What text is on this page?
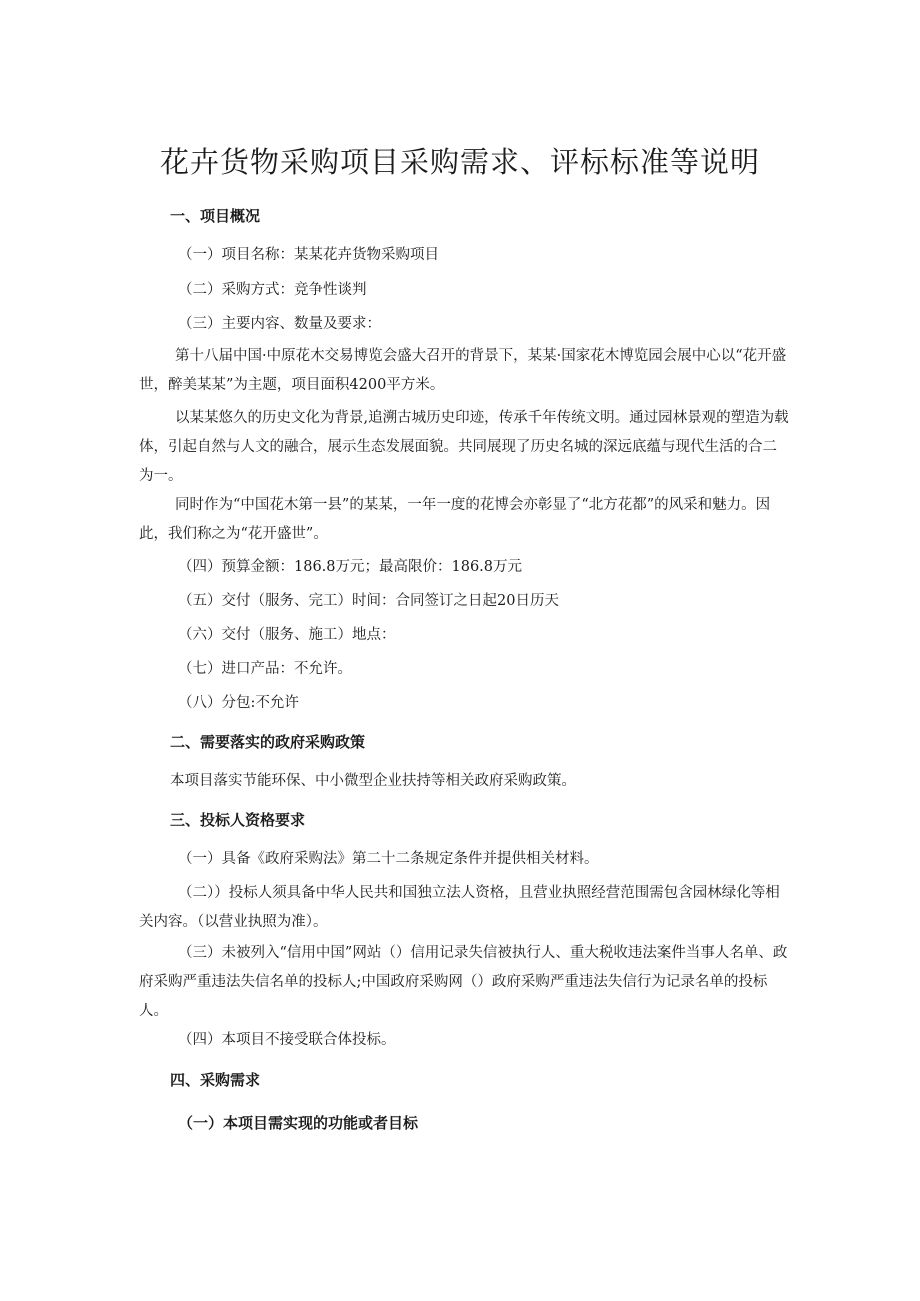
花卉货物采购项目采购需求、评标标准等说明
一、项目概况
（一）项目名称：某某花卉货物采购项目
（二）采购方式：竞争性谈判
（三）主要内容、数量及要求：

第十八届中国·中原花木交易博览会盛大召开的背景下，某某·国家花木博览园会展中心以“花开盛世，醉美某某”为主题，项目面积4200平方米。

以某某悠久的历史文化为背景,追溯古城历史印迹，传承千年传统文明。通过园林景观的塑造为载体，引起自然与人文的融合，展示生态发展面貌。共同展现了历史名城的深远底蕴与现代生活的合二为一。

同时作为“中国花木第一县”的某某，一年一度的花博会亦彰显了“北方花都”的风采和魅力。因此，我们称之为“花开盛世”。

（四）预算金额：186.8万元；最高限价：186.8万元
（五）交付（服务、完工）时间：合同签订之日起20日历天
（六）交付（服务、施工）地点：
（七）进口产品：不允许。
（八）分包:不允许
二、需要落实的政府采购政策
本项目落实节能环保、中小微型企业扶持等相关政府采购政策。
三、投标人资格要求
（一）具备《政府采购法》第二十二条规定条件并提供相关材料。

（二））投标人须具备中华人民共和国独立法人资格，且营业执照经营范围需包含园林绿化等相关内容。（以营业执照为准）。

（三）未被列入“信用中国”网站（）信用记录失信被执行人、重大税收违法案件当事人名单、政府采购严重违法失信名单的投标人;中国政府采购网（）政府采购严重违法失信行为记录名单的投标人。

（四）本项目不接受联合体投标。
四、采购需求
（一）本项目需实现的功能或者目标
